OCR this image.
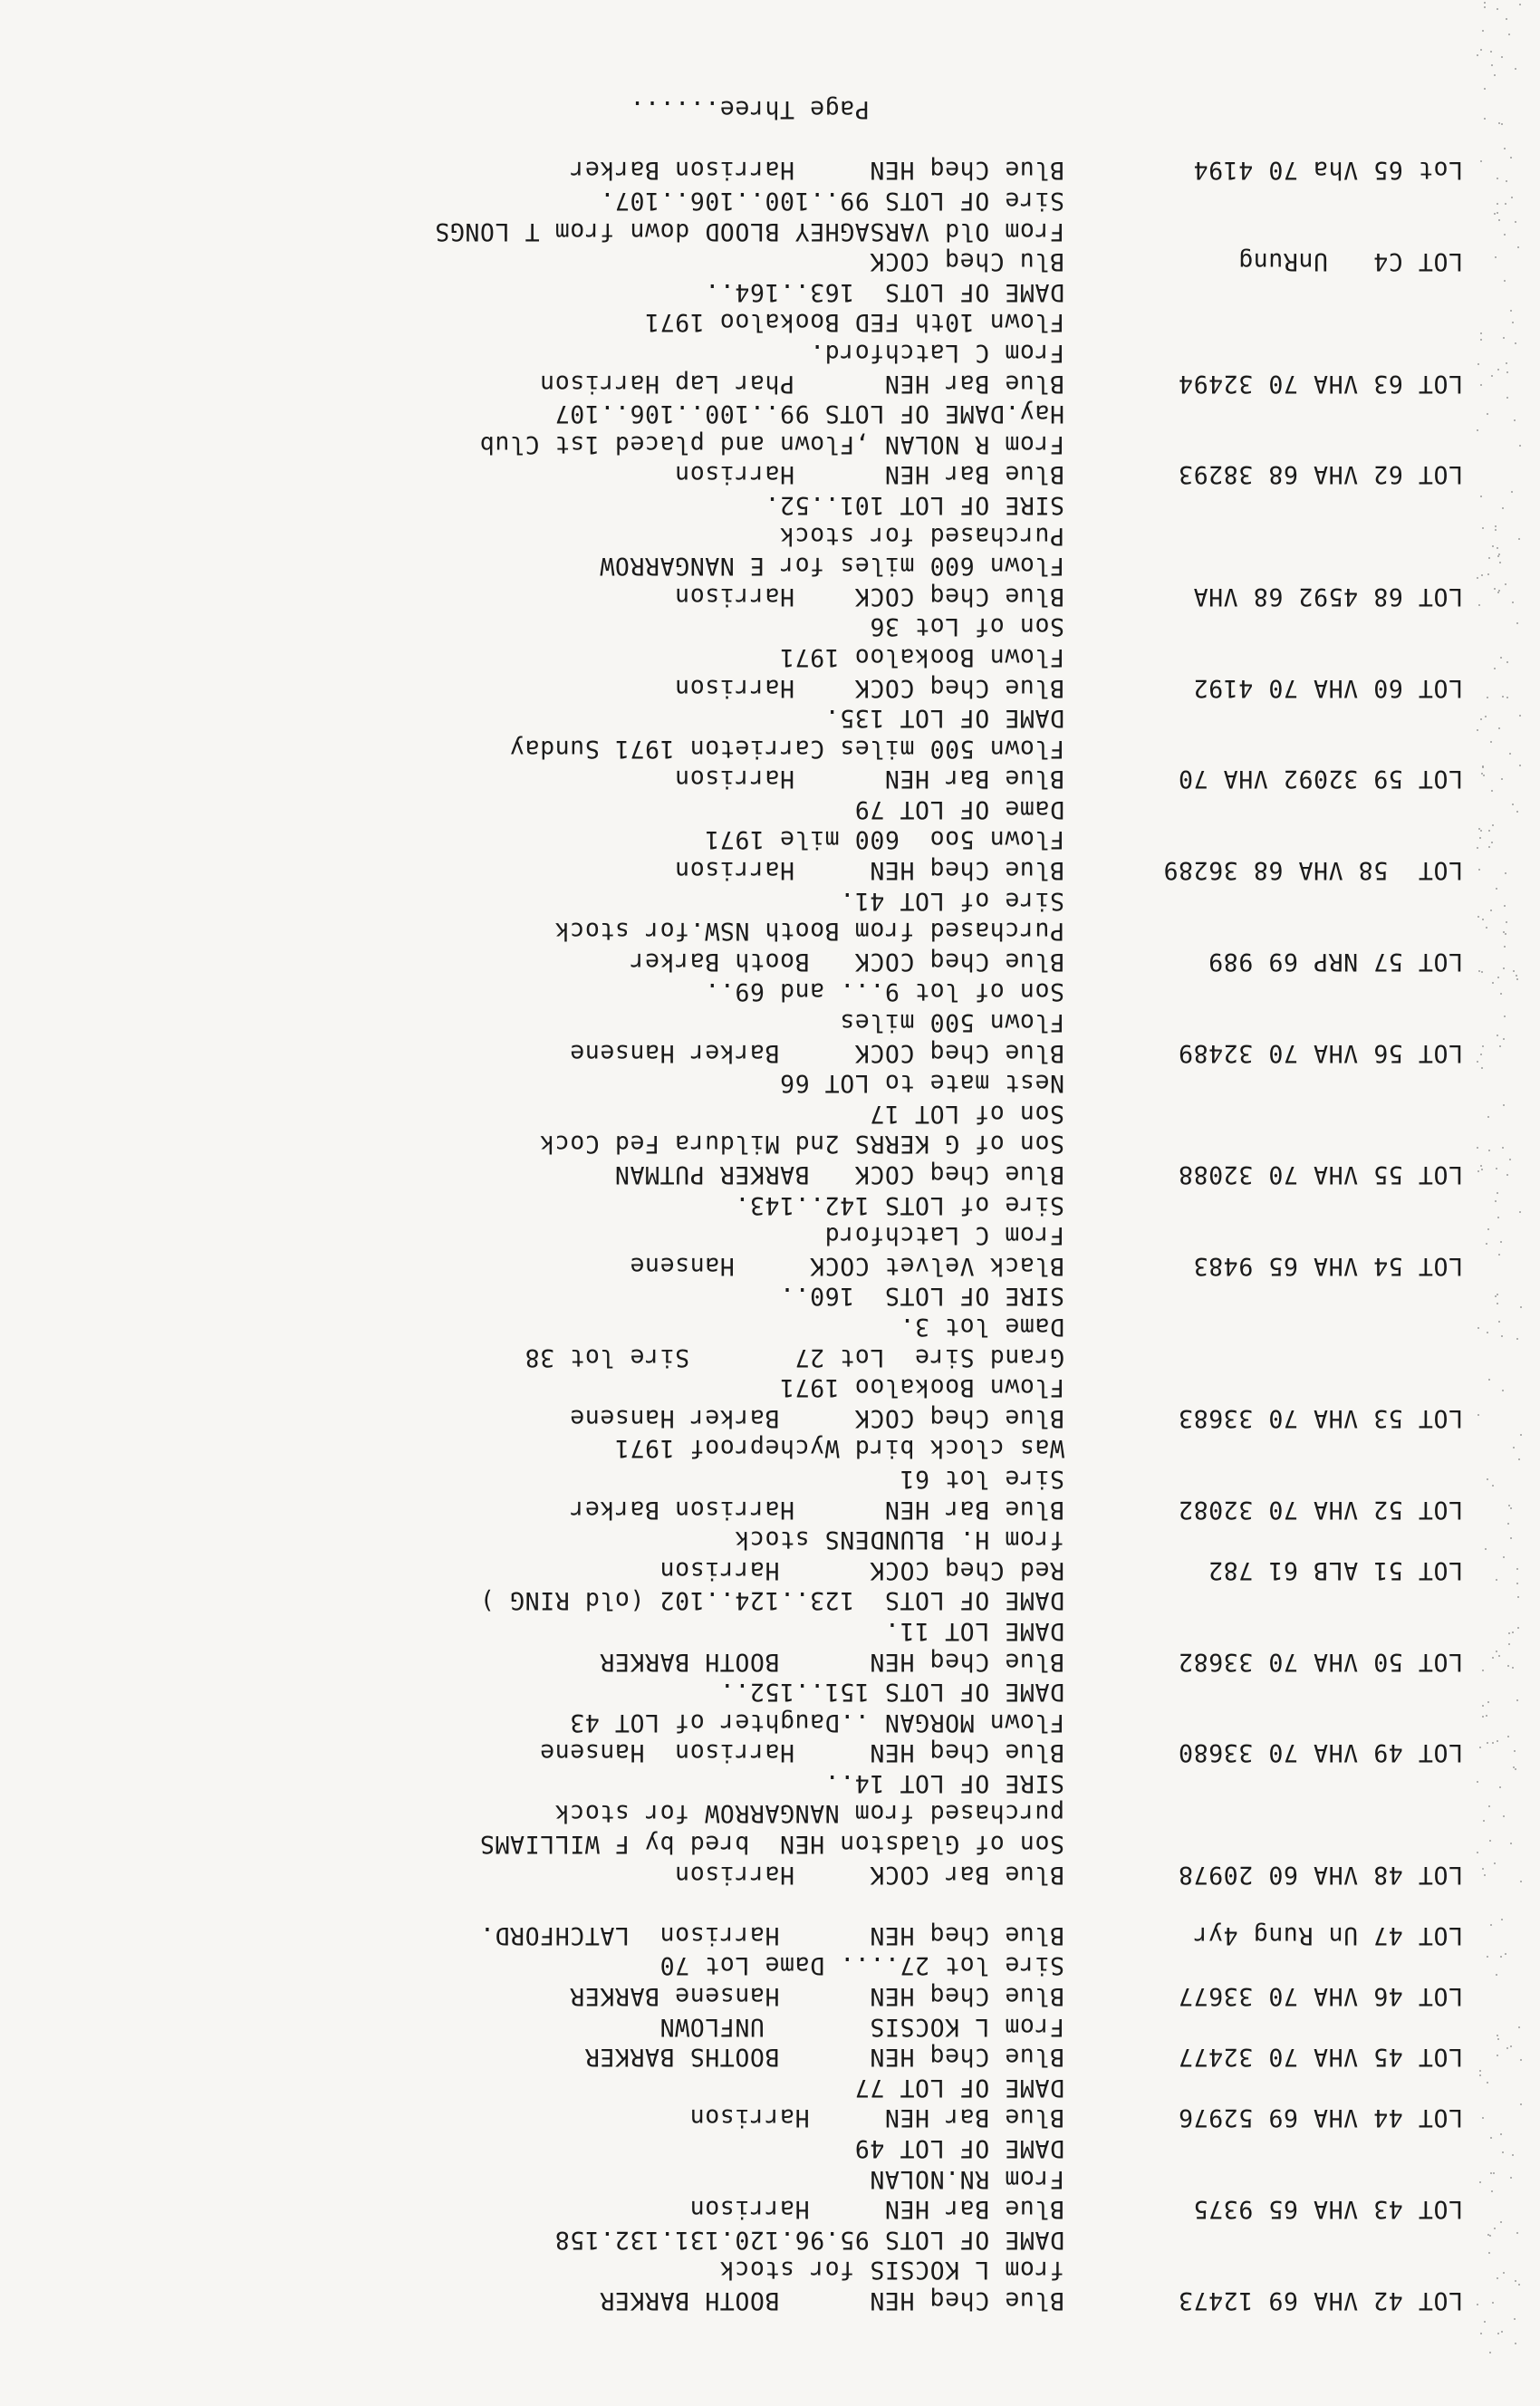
LOT 42 VHA 69 12473
Blue Cheq HEN      BOOTH BARKER
from L KOCSIS for stock
DAME OF LOTS 95.96.120.131.132.158
LOT 43 VHA 65 9375
Blue Bar HEN     Harrison
From RN.NOLAN
DAME OF LOT 49
LOT 44 VHA 69 52976
Blue Bar HEN     Harrison
DAME OF LOT 77
LOT 45 VHA 70 32477
Blue Cheq HEN      BOOTHS BARKER
From L KOCSIS       UNFLOWN
LOT 46 VHA 70 33677
Blue Cheq HEN      Hansene BARKER
Sire lot 27.... Dame Lot 70
LOT 47 Un Rung 4yr
Blue Cheq HEN      Harrison  LATCHFORD.
LOT 48 VHA 60 20978
Blue Bar COCK     Harrison
Son of Gladston HEN  bred by F WILLIAMS
purchased from NANGARROW for stock
SIRE OF LOT 14..
LOT 49 VHA 70 33680
Blue Cheq HEN     Harrison  Hansene
Flown MORGAN ..Daughter of LOT 43
DAME OF LOTS 151..152..
LOT 50 VHA 70 33682
Blue Cheq HEN      BOOTH BARKER
DAME LOT 11.
DAME OF LOTS  123..124..102 (old RING )
LOT 51 ALB 61 782
Red Cheq COCK      Harrison
from H. BLUNDENS stock
LOT 52 VHA 70 32082
Blue Bar HEN      Harrison Barker
Sire lot 61
Was clock bird Wycheproof 1971
LOT 53 VHA 70 33683
Blue Cheq COCK     Barker Hansene
Flown Bookaloo 1971
Grand Sire  Lot 27       Sire lot 38
Dame lot 3.
SIRE OF LOTS  160..
LOT 54 VHA 65 9483
Black Velvet COCK     Hansene
From C Latchford
Sire of LOTS 142..143.
LOT 55 VHA 70 32088
Blue Cheq COCK   BARKER PUTMAN
Son of G KERRS 2nd Mildura Fed Cock
Son of LOT 17
Nest mate to LOT 66
LOT 56 VHA 70 32489
Blue Cheq COCK     Barker Hansene
Flown 500 miles
Son of lot 9... and 69..
LOT 57 NRP 69 989
Blue Cheq COCK   Booth Barker
Purchased from Booth NSW.for stock
Sire of LOT 41.
LOT  58 VHA 68 36289
Blue Cheq HEN     Harrison
Flown 5oo  600 mile 1971
Dame OF LOT 79
LOT 59 32092 VHA 70
Blue Bar HEN      Harrison
Flown 500 miles Carrieton 1971 Sunday
DAME OF LOT 135.
LOT 60 VHA 70 4192
Blue Cheq COCK    Harrison
Flown Bookaloo 1971
Son of Lot 36
LOT 68 4592 68 VHA
Blue Cheq COCK    Harrison
Flown 600 miles for E NANGARROW
Purchased for stock
SIRE OF LOT 101..52.
LOT 62 VHA 68 38293
Blue Bar HEN      Harrison
From R NOLAN ,Flown and placed 1st Club
Hay.DAME OF LOTS 99..100..106..107
LOT 63 VHA 70 32494
Blue Bar HEN      Phar Lap Harrison
From C Latchford.
Flown 10th FED Bookaloo 1971
DAME OF LOTS  163..164..
LOT C4   UnRung
Blu Cheq COCK
From Old VARSAGHEY BLOOD down from T LONGS
Sire OF LOTS 99..100..106..107.
Lot 65 Vha 70 4194
Blue Cheq HEN     Harrison Barker
Page Three......
